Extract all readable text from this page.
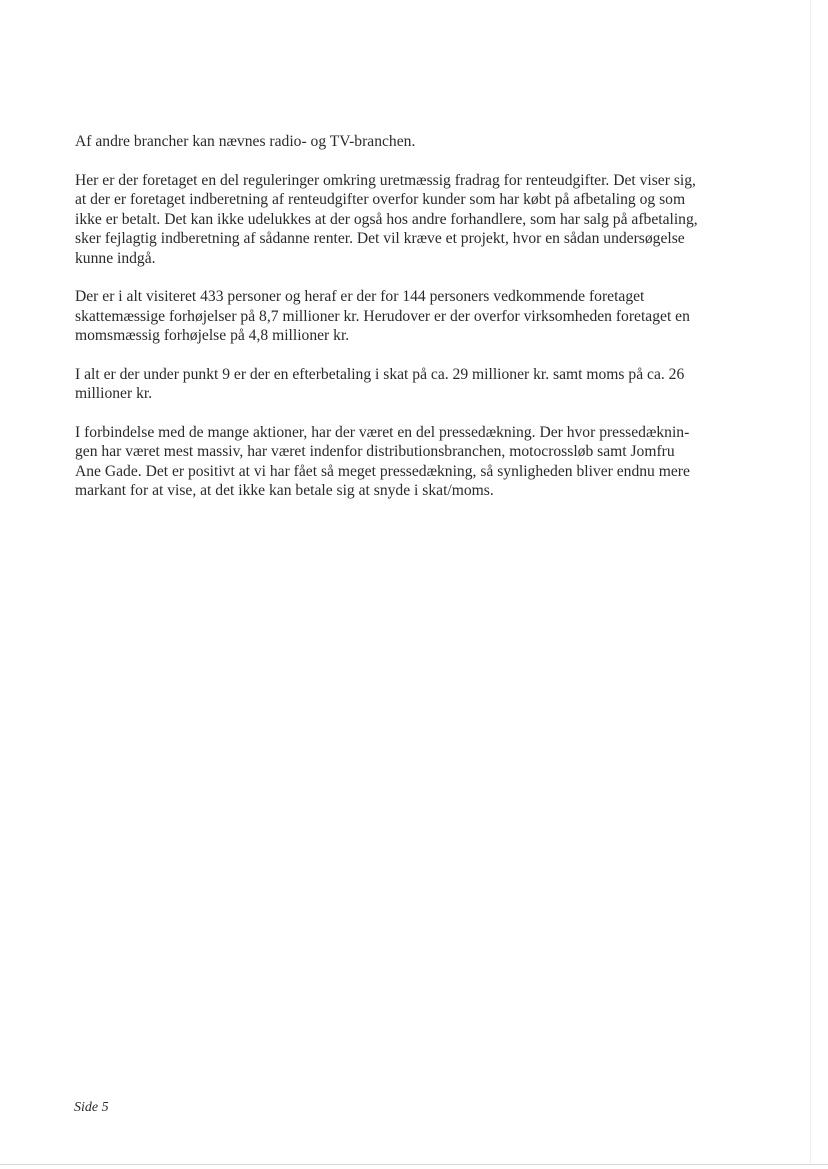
Af andre brancher kan nævnes radio- og TV-branchen.

Her er der foretaget en del reguleringer omkring uretmæssig fradrag for renteudgifter. Det viser sig,
at der er foretaget indberetning af renteudgifter overfor kunder som har købt på afbetaling og som
ikke er betalt. Det kan ikke udelukkes at der også hos andre forhandlere, som har salg på afbetaling,
sker fejlagtig indberetning af sådanne renter. Det vil kræve et projekt, hvor en sådan undersøgelse
kunne indgå.

Der er i alt visiteret 433 personer og heraf er der for 144 personers vedkommende foretaget
skattemæssige forhøjelser på 8,7 millioner kr. Herudover er der overfor virksomheden foretaget en
momsmæssig forhøjelse på 4,8 millioner kr.

I alt er der under punkt 9 er der en efterbetaling i skat på ca. 29 millioner kr. samt moms på ca. 26
millioner kr.

I forbindelse med de mange aktioner, har der været en del pressedækning. Der hvor pressedæknin-
gen har været mest massiv, har været indenfor distributionsbranchen, motocrossløb samt Jomfru
Ane Gade. Det er positivt at vi har fået så meget pressedækning, så synligheden bliver endnu mere
markant for at vise, at det ikke kan betale sig at snyde i skat/moms.

Side 5
